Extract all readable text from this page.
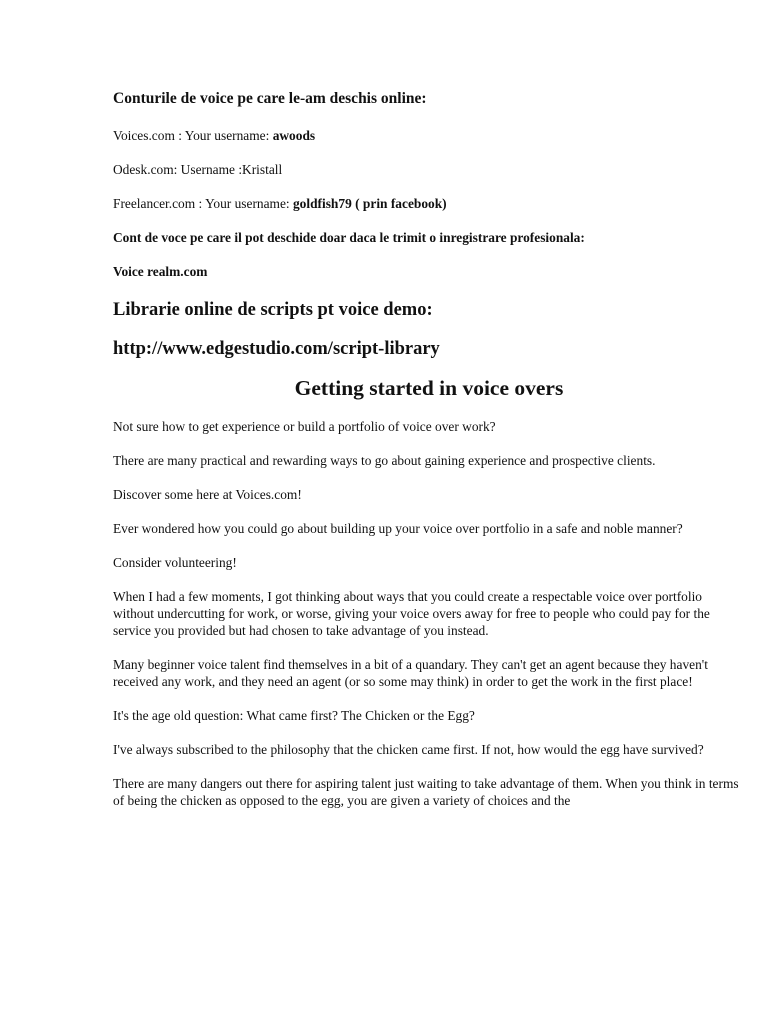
Conturile de voice pe care le-am deschis online:

Voices.com : Your username: awoods

Odesk.com: Username :Kristall

Freelancer.com : Your username: goldfish79 ( prin facebook)

Cont de voce pe care il pot deschide doar daca le trimit o inregistrare profesionala:

Voice realm.com

Librarie online de scripts pt voice demo:

http://www.edgestudio.com/script-library

Getting started in voice overs

Not sure how to get experience or build a portfolio of voice over work?

There are many practical and rewarding ways to go about gaining experience and prospective clients.

Discover some here at Voices.com!

Ever wondered how you could go about building up your voice over portfolio in a safe and noble manner?

Consider volunteering!

When I had a few moments, I got thinking about ways that you could create a respectable voice over portfolio without undercutting for work, or worse, giving your voice overs away for free to people who could pay for the service you provided but had chosen to take advantage of you instead.

Many beginner voice talent find themselves in a bit of a quandary. They can't get an agent because they haven't received any work, and they need an agent (or so some may think) in order to get the work in the first place!

It's the age old question: What came first? The Chicken or the Egg?

I've always subscribed to the philosophy that the chicken came first. If not, how would the egg have survived?

There are many dangers out there for aspiring talent just waiting to take advantage of them. When you think in terms of being the chicken as opposed to the egg, you are given a variety of choices and the
